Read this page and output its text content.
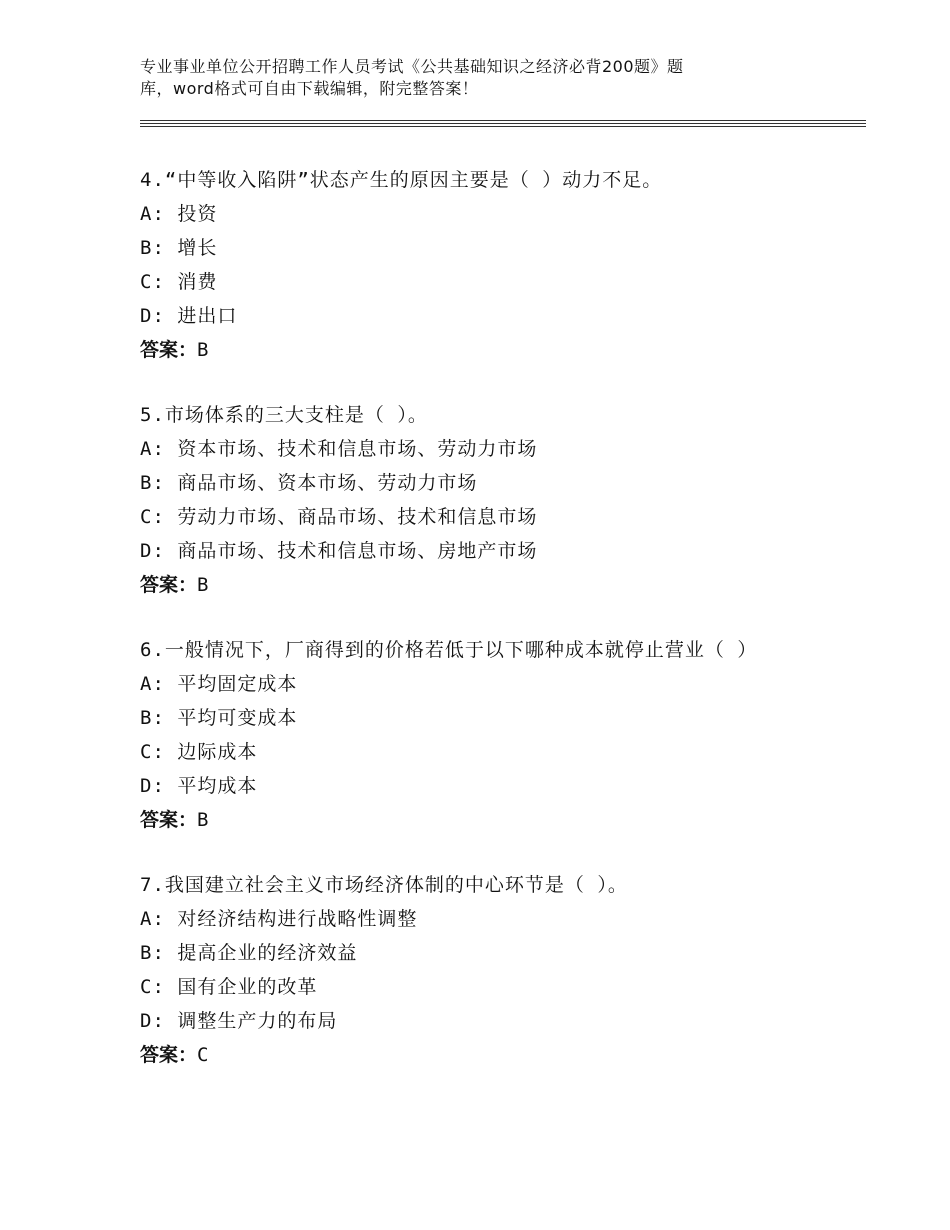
专业事业单位公开招聘工作人员考试《公共基础知识之经济必背200题》题
库，word格式可自由下载编辑，附完整答案！
4.“中等收入陷阱”状态产生的原因主要是（ ）动力不足。
A: 投资
B: 增长
C: 消费
D: 进出口
答案：B
5.市场体系的三大支柱是（ ）。
A: 资本市场、技术和信息市场、劳动力市场
B: 商品市场、资本市场、劳动力市场
C: 劳动力市场、商品市场、技术和信息市场
D: 商品市场、技术和信息市场、房地产市场
答案：B
6.一般情况下，厂商得到的价格若低于以下哪种成本就停止营业（ ）
A: 平均固定成本
B: 平均可变成本
C: 边际成本
D: 平均成本
答案：B
7.我国建立社会主义市场经济体制的中心环节是（ ）。
A: 对经济结构进行战略性调整
B: 提高企业的经济效益
C: 国有企业的改革
D: 调整生产力的布局
答案：C
